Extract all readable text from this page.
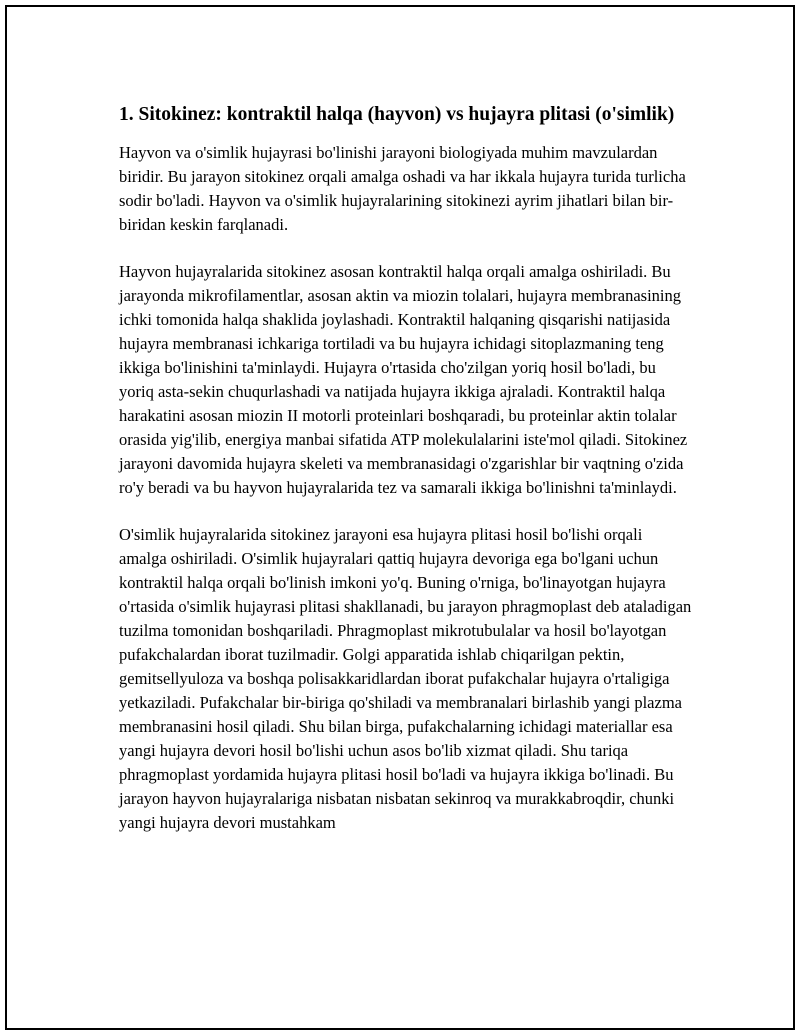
1. Sitokinez: kontraktil halqa (hayvon) vs hujayra plitasi (o'simlik)

Hayvon va o'simlik hujayrasi bo'linishi jarayoni biologiyada muhim mavzulardan biridir. Bu jarayon sitokinez orqali amalga oshadi va har ikkala hujayra turida turlicha sodir bo'ladi. Hayvon va o'simlik hujayralarining sitokinezi ayrim jihatlari bilan bir-biridan keskin farqlanadi.

Hayvon hujayralarida sitokinez asosan kontraktil halqa orqali amalga oshiriladi. Bu jarayonda mikrofilamentlar, asosan aktin va miozin tolalari, hujayra membranasining ichki tomonida halqa shaklida joylashadi. Kontraktil halqaning qisqarishi natijasida hujayra membranasi ichkariga tortiladi va bu hujayra ichidagi sitoplazmaning teng ikkiga bo'linishini ta'minlaydi. Hujayra o'rtasida cho'zilgan yoriq hosil bo'ladi, bu yoriq asta-sekin chuqurlashadi va natijada hujayra ikkiga ajraladi. Kontraktil halqa harakatini asosan miozin II motorli proteinlari boshqaradi, bu proteinlar aktin tolalar orasida yig'ilib, energiya manbai sifatida ATP molekulalarini iste'mol qiladi. Sitokinez jarayoni davomida hujayra skeleti va membranasidagi o'zgarishlar bir vaqtning o'zida ro'y beradi va bu hayvon hujayralarida tez va samarali ikkiga bo'linishni ta'minlaydi.

O'simlik hujayralarida sitokinez jarayoni esa hujayra plitasi hosil bo'lishi orqali amalga oshiriladi. O'simlik hujayralari qattiq hujayra devoriga ega bo'lgani uchun kontraktil halqa orqali bo'linish imkoni yo'q. Buning o'rniga, bo'linayotgan hujayra o'rtasida o'simlik hujayrasi plitasi shakllanadi, bu jarayon phragmoplast deb ataladigan tuzilma tomonidan boshqariladi. Phragmoplast mikrotubulalar va hosil bo'layotgan pufakchalardan iborat tuzilmadir. Golgi apparatida ishlab chiqarilgan pektin, gemitsellyuloza va boshqa polisakkaridlardan iborat pufakchalar hujayra o'rtaligiga yetkaziladi. Pufakchalar bir-biriga qo'shiladi va membranalari birlashib yangi plazma membranasini hosil qiladi. Shu bilan birga, pufakchalarning ichidagi materiallar esa yangi hujayra devori hosil bo'lishi uchun asos bo'lib xizmat qiladi. Shu tariqa phragmoplast yordamida hujayra plitasi hosil bo'ladi va hujayra ikkiga bo'linadi. Bu jarayon hayvon hujayralariga nisbatan nisbatan sekinroq va murakkabroqdir, chunki yangi hujayra devori mustahkam
